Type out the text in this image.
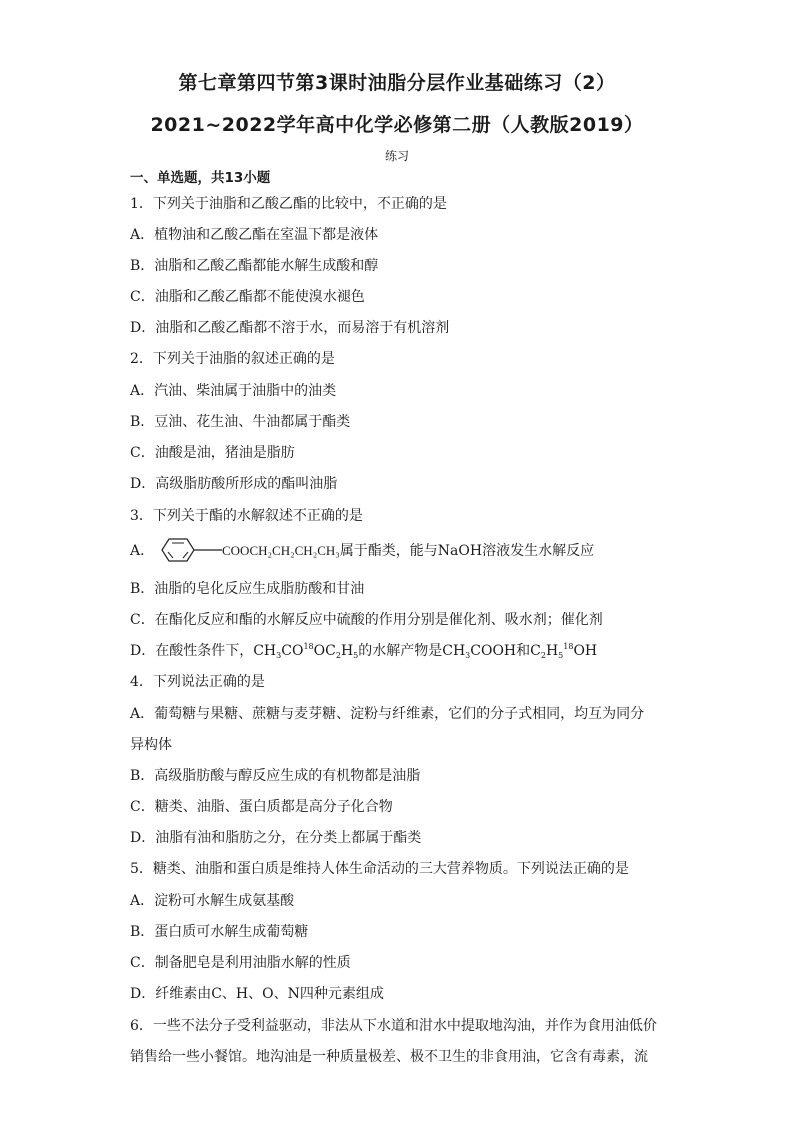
第七章第四节第3课时油脂分层作业基础练习（2）
2021~2022学年高中化学必修第二册（人教版2019）
练习
一、单选题，共13小题
1．下列关于油脂和乙酸乙酯的比较中，不正确的是
A．植物油和乙酸乙酯在室温下都是液体
B．油脂和乙酸乙酯都能水解生成酸和醇
C．油脂和乙酸乙酯都不能使溴水褪色
D．油脂和乙酸乙酯都不溶于水，而易溶于有机溶剂
2．下列关于油脂的叙述正确的是
A．汽油、柴油属于油脂中的油类
B．豆油、花生油、牛油都属于酯类
C．油酸是油，猪油是脂肪
D．高级脂肪酸所形成的酯叫油脂
3．下列关于酯的水解叙述不正确的是
A．	COOCH₂CH₂CH₂CH₃属于酯类，能与NaOH溶液发生水解反应
B．油脂的皂化反应生成脂肪酸和甘油
C．在酯化反应和酯的水解反应中硫酸的作用分别是催化剂、吸水剂；催化剂
D．在酸性条件下，$CH_3CO^{18}OC_2H_5$的水解产物是$CH_3COOH$和$C_2H_5^{18}OH$
4．下列说法正确的是
A．葡萄糖与果糖、蔗糖与麦芽糖、淀粉与纤维素，它们的分子式相同，均互为同分
异构体
B．高级脂肪酸与醇反应生成的有机物都是油脂
C．糖类、油脂、蛋白质都是高分子化合物
D．油脂有油和脂肪之分，在分类上都属于酯类
5．糖类、油脂和蛋白质是维持人体生命活动的三大营养物质。下列说法正确的是
A．淀粉可水解生成氨基酸
B．蛋白质可水解生成葡萄糖
C．制备肥皂是利用油脂水解的性质
D．纤维素由C、H、O、N四种元素组成
6．一些不法分子受利益驱动，非法从下水道和泔水中提取地沟油，并作为食用油低价
销售给一些小餐馆。地沟油是一种质量极差、极不卫生的非食用油，它含有毒素，流
